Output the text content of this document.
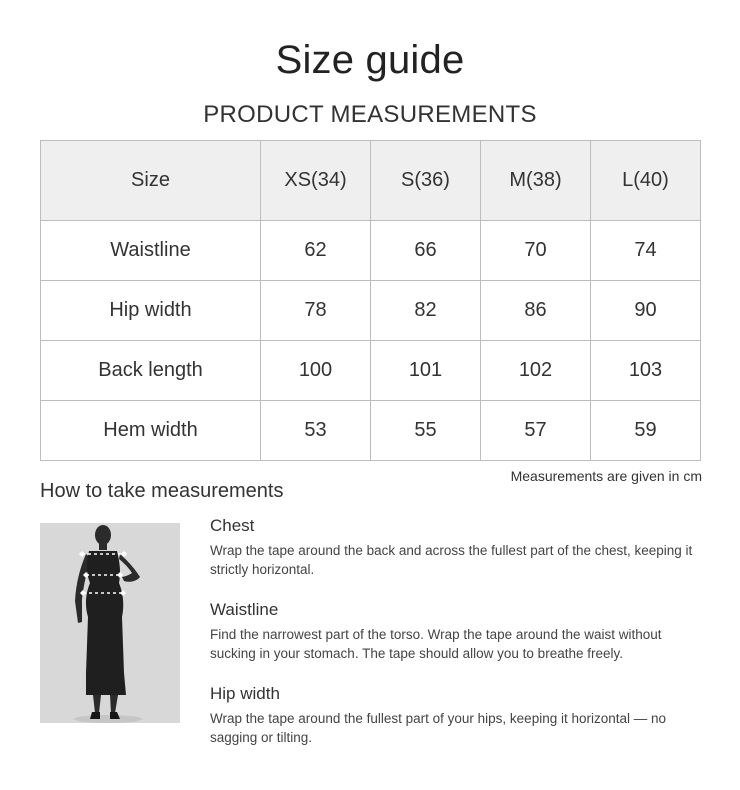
Size guide
PRODUCT MEASUREMENTS
Size	XS(34)	S(36)	M(38)	L(40)
Waistline	62	66	70	74
Hip width	78	82	86	90
Back length	100	101	102	103
Hem width	53	55	57	59
Measurements are given in cm
How to take measurements
Chest

Wrap the tape around the back and across the fullest part of the chest, keeping it strictly horizontal.

Waistline

Find the narrowest part of the torso. Wrap the tape around the waist without sucking in your stomach. The tape should allow you to breathe freely.

Hip width

Wrap the tape around the fullest part of your hips, keeping it horizontal — no sagging or tilting.
